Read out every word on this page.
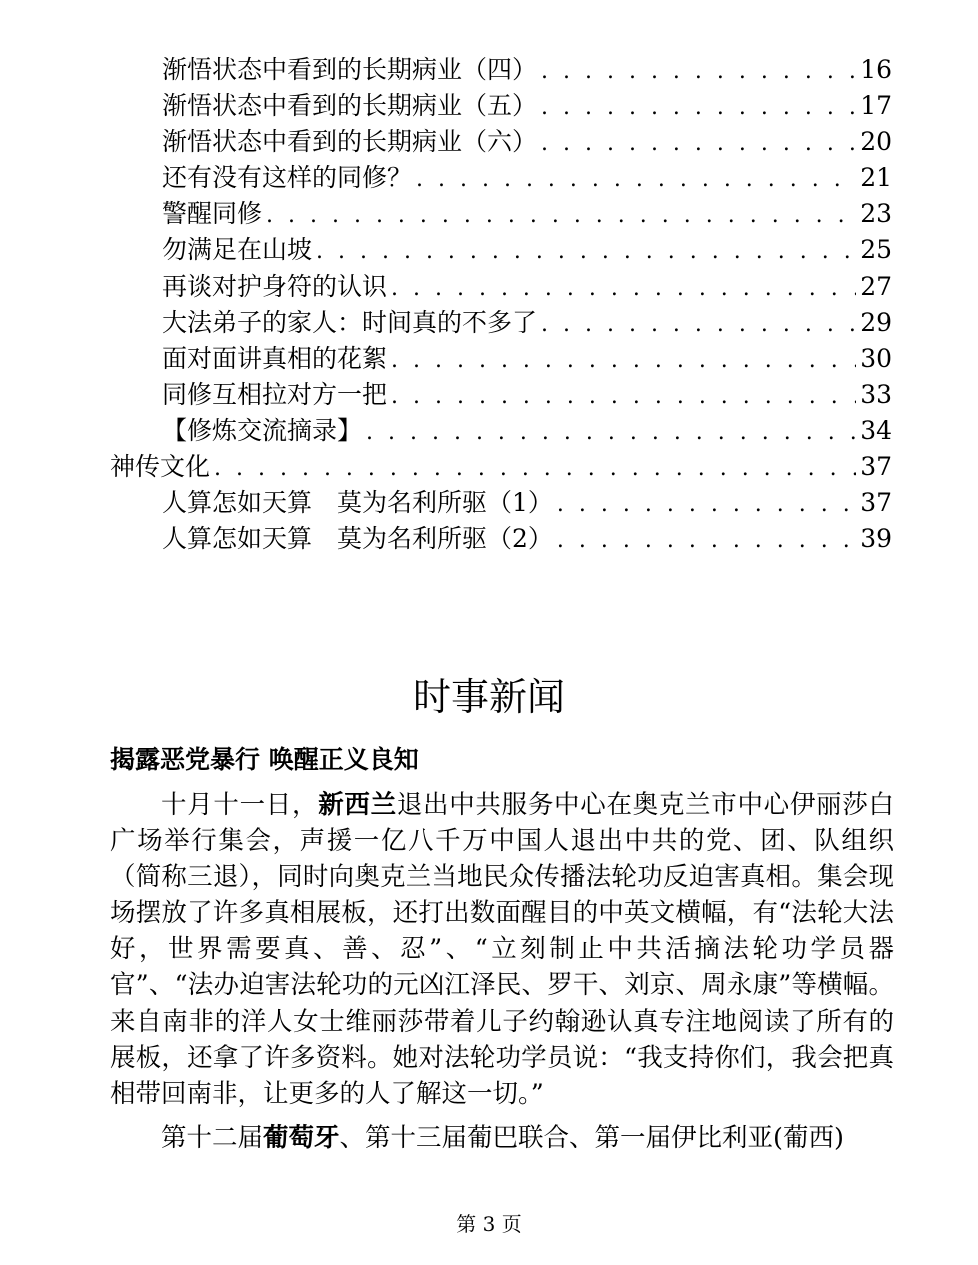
渐悟状态中看到的长期病业（四） . . .	16
渐悟状态中看到的长期病业（五） . . .	17
渐悟状态中看到的长期病业（六） . . .	20
还有没有这样的同修？ . . .	21
警醒同修 . . .	23
勿满足在山坡 . . .	25
再谈对护身符的认识 . . .	27
大法弟子的家人：时间真的不多了 . . .	29
面对面讲真相的花絮 . . .	30
同修互相拉对方一把 . . .	33
【修炼交流摘录】 . . .	34
神传文化 . . .	37
人算怎如天算　莫为名利所驱（1） . . .	37
人算怎如天算　莫为名利所驱（2） . . .	39
时事新闻
揭露恶党暴行 唤醒正义良知

十月十一日，新西兰退出中共服务中心在奥克兰市中心伊丽莎白广场举行集会，声援一亿八千万中国人退出中共的党、团、队组织（简称三退），同时向奥克兰当地民众传播法轮功反迫害真相。集会现场摆放了许多真相展板，还打出数面醒目的中英文横幅，有“法轮大法好，世界需要真、善、忍”、“立刻制止中共活摘法轮功学员器官”、“法办迫害法轮功的元凶江泽民、罗干、刘京、周永康”等横幅。来自南非的洋人女士维丽莎带着儿子约翰逊认真专注地阅读了所有的展板，还拿了许多资料。她对法轮功学员说：“我支持你们，我会把真相带回南非，让更多的人了解这一切。”

第十二届葡萄牙、第十三届葡巴联合、第一届伊比利亚(葡西)

第 3 页
